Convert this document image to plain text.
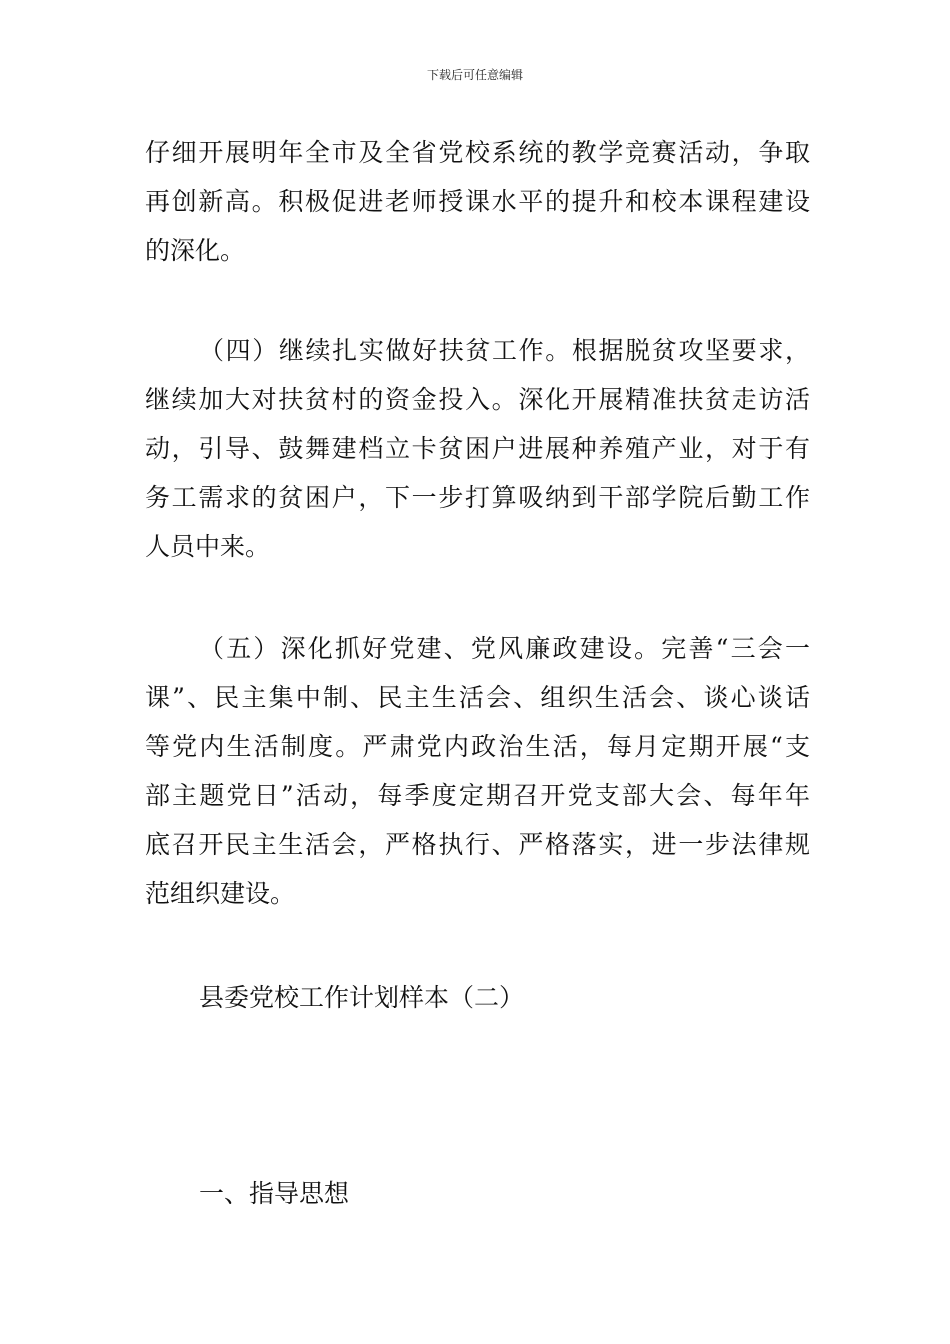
下载后可任意编辑
仔细开展明年全市及全省党校系统的教学竞赛活动，争取
再创新高。积极促进老师授课水平的提升和校本课程建设
的深化。
（四）继续扎实做好扶贫工作。根据脱贫攻坚要求，
继续加大对扶贫村的资金投入。深化开展精准扶贫走访活
动，引导、鼓舞建档立卡贫困户进展种养殖产业，对于有
务工需求的贫困户，下一步打算吸纳到干部学院后勤工作
人员中来。
（五）深化抓好党建、党风廉政建设。完善“三会一
课”、民主集中制、民主生活会、组织生活会、谈心谈话
等党内生活制度。严肃党内政治生活，每月定期开展“支
部主题党日”活动，每季度定期召开党支部大会、每年年
底召开民主生活会，严格执行、严格落实，进一步法律规
范组织建设。
县委党校工作计划样本（二）
一、指导思想
